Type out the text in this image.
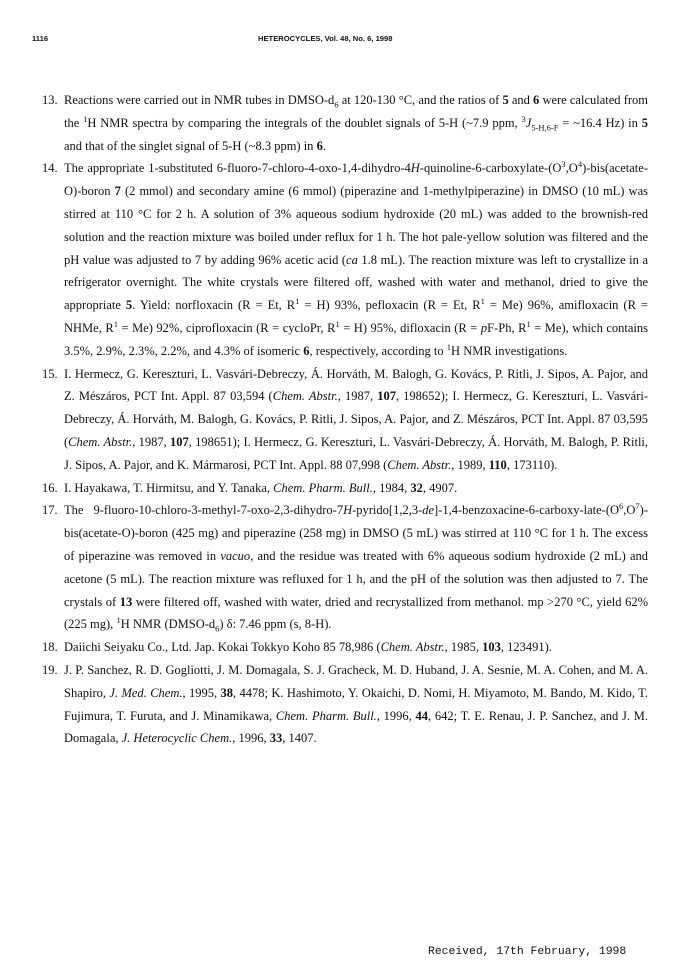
1116	HETEROCYCLES, Vol. 48, No. 6, 1998

13. Reactions were carried out in NMR tubes in DMSO-$d_6$ at 120-130 °C, and the ratios of 5 and 6 were calculated from the $^1$H NMR spectra by comparing the integrals of the doublet signals of 5-H (~7.9 ppm, $^3J_{5-H,6-F}$ = ~16.4 Hz) in 5 and that of the singlet signal of 5-H (~8.3 ppm) in 6.

14. The appropriate 1-substituted $6-fluoro-7-chloro-4-oxo-1,4-dihydro-4H-quinoline-6-carboxylate-(O^3,O^4)-bis(acetate-O)$-boron 7 (2 mmol) and secondary amine (6 mmol) (piperazine and 1-methylpiperazine) in DMSO (10 mL) was stirred at 110 °C for 2 h. A solution of 3% aqueous sodium hydroxide (20 mL) was added to the brownish-red solution and the reaction mixture was boiled under reflux for 1 h. The hot pale-yellow solution was filtered and the pH value was adjusted to 7 by adding 96% acetic acid (ca 1.8 mL). The reaction mixture was left to crystallize in a refrigerator overnight. The white crystals were filtered off, washed with water and methanol, dried to give the appropriate 5. Yield: norfloxacin (R = Et, $R^1 = H$) 93%, pefloxacin (R = Et, $R^1 = Me$) 96%, amifloxacin (R = NHMe, $R^1 = Me$) 92%, ciprofloxacin (R = cycloPr, $R^1 = H$) 95%, difloxacin (R = pF-Ph, $R^1 = Me$), which contains 3.5%, 2.9%, 2.3%, 2.2%, and 4.3% of isomeric 6, respectively, according to $^1$H NMR investigations.

15. I. Hermecz, G. Kereszturi, L. Vasvári-Debreczy, Á. Horváth, M. Balogh, G. Kovács, P. Ritli, J. Sipos, A. Pajor, and Z. Mészáros, PCT Int. Appl. 87 03,594 (Chem. Abstr., 1987, 107, 198652); I. Hermecz, G. Kereszturi, L. Vasvári-Debreczy, Á. Horváth, M. Balogh, G. Kovács, P. Ritli, J. Sipos, A. Pajor, and Z. Mészáros, PCT Int. Appl. 87 03,595 (Chem. Abstr., 1987, 107, 198651); I. Hermecz, G. Kereszturi, L. Vasvári-Debreczy, Á. Horváth, M. Balogh, P. Ritli, J. Sipos, A. Pajor, and K. Mármarosi, PCT Int. Appl. 88 07,998 (Chem. Abstr., 1989, 110, 173110).

16. I. Hayakawa, T. Hirmitsu, and Y. Tanaka, Chem. Pharm. Bull., 1984, 32, 4907.

17. The $9-fluoro-10-chloro-3-methyl-7-oxo-2,3-dihydro-7H-pyrido[1,2,3-de]-1,4-benzoxacine-6-carboxy-late-(O^6,O^7)-bis(acetate-O)-$boron (425 mg) and piperazine (258 mg) in DMSO (5 mL) was stirred at 110 °C for 1 h. The excess of piperazine was removed in vacuo, and the residue was treated with 6% aqueous sodium hydroxide (2 mL) and acetone (5 mL). The reaction mixture was refluxed for 1 h, and the pH of the solution was then adjusted to 7. The crystals of 13 were filtered off, washed with water, dried and recrystallized from methanol. mp >270 °C, yield 62% (225 mg), $^1$H NMR $(DMSO-d_6)$ δ: 7.46 ppm (s, 8-H).

18. Daiichi Seiyaku Co., Ltd. Jap. Kokai Tokkyo Koho 85 78,986 (Chem. Abstr., 1985, 103, 123491).

19. J. P. Sanchez, R. D. Gogliotti, J. M. Domagala, S. J. Gracheck, M. D. Huband, J. A. Sesnie, M. A. Cohen, and M. A. Shapiro, J. Med. Chem., 1995, 38, 4478; K. Hashimoto, Y. Okaichi, D. Nomi, H. Miyamoto, M. Bando, M. Kido, T. Fujimura, T. Furuta, and J. Minamikawa, Chem. Pharm. Bull., 1996, 44, 642; T. E. Renau, J. P. Sanchez, and J. M. Domagala, J. Heterocyclic Chem., 1996, 33, 1407.

Received, 17th February, 1998
